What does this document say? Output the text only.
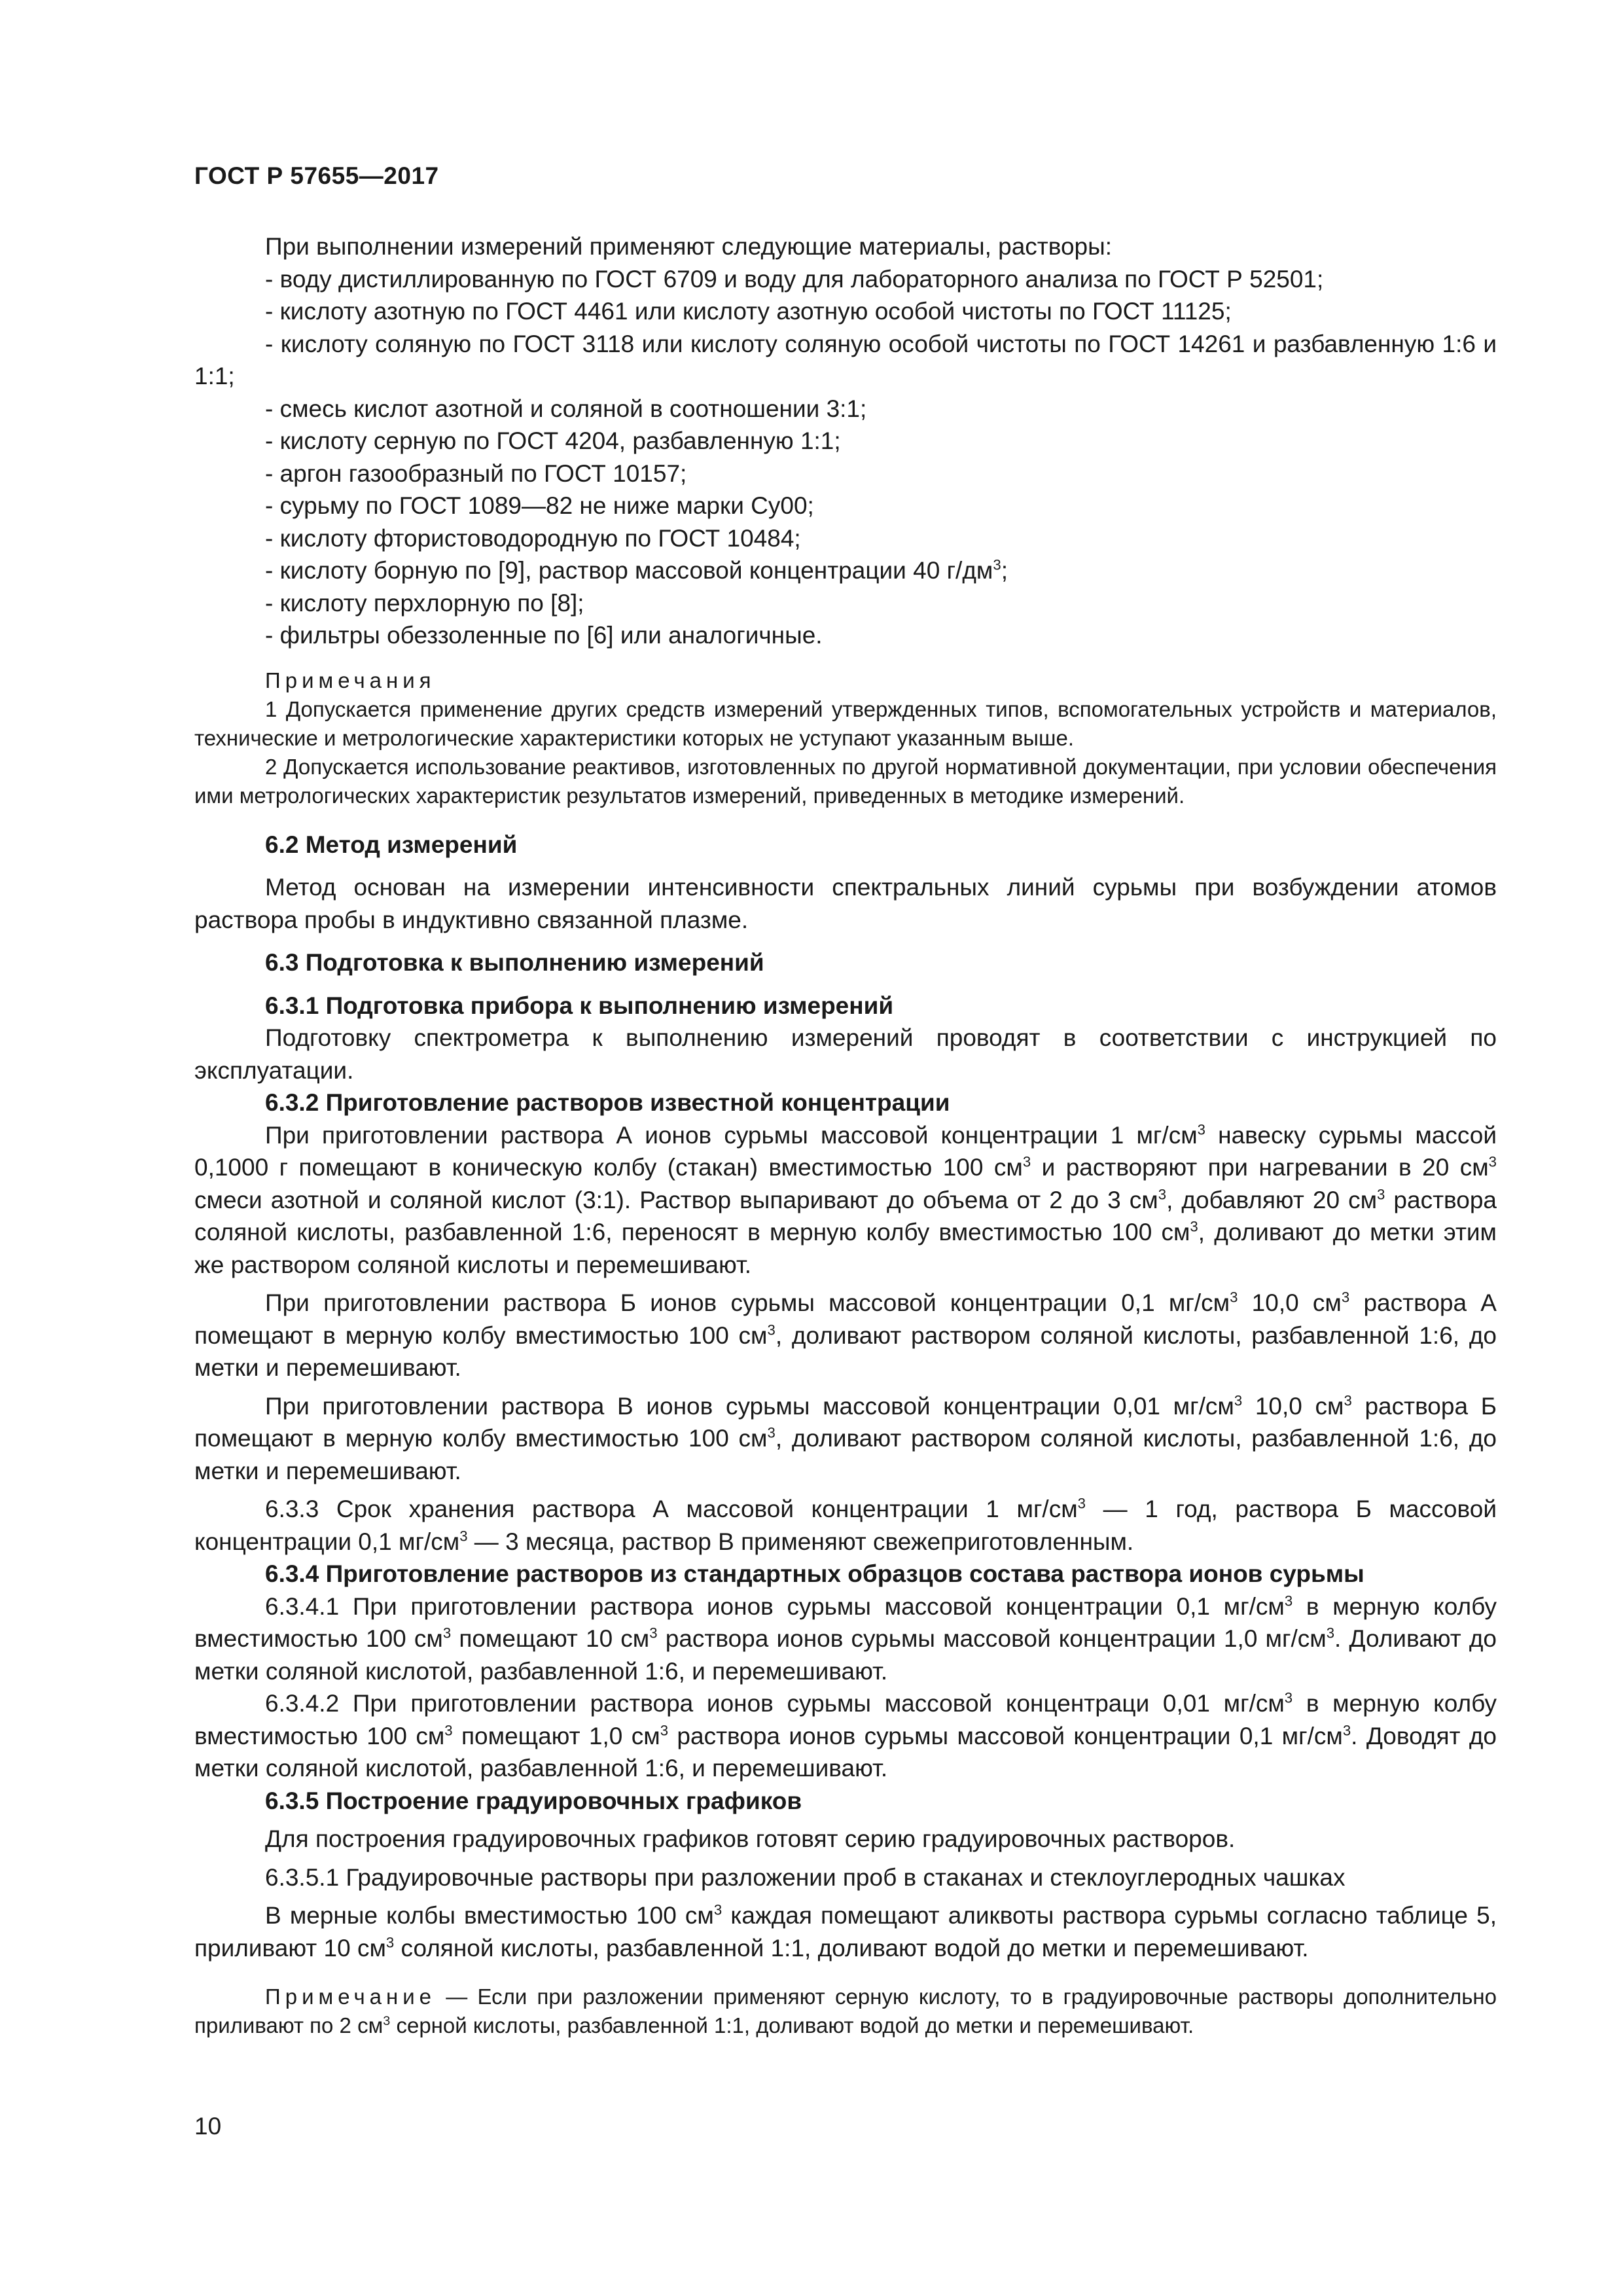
ГОСТ Р 57655—2017

При выполнении измерений применяют следующие материалы, растворы:

- воду дистиллированную по ГОСТ 6709 и воду для лабораторного анализа по ГОСТ Р 52501;

- кислоту азотную по ГОСТ 4461 или кислоту азотную особой чистоты по ГОСТ 11125;

- кислоту соляную по ГОСТ 3118 или кислоту соляную особой чистоты по ГОСТ 14261 и разбавленную 1:6 и 1:1;

- смесь кислот азотной и соляной в соотношении 3:1;

- кислоту серную по ГОСТ 4204, разбавленную 1:1;

- аргон газообразный по ГОСТ 10157;

- сурьму по ГОСТ 1089—82 не ниже марки Су00;

- кислоту фтористоводородную по ГОСТ 10484;

- кислоту борную по [9], раствор массовой концентрации 40 $г/дм^3$;

- кислоту перхлорную по [8];

- фильтры обеззоленные по [6] или аналогичные.

Примечания

1 Допускается применение других средств измерений утвержденных типов, вспомогательных устройств и материалов, технические и метрологические характеристики которых не уступают указанным выше.

2 Допускается использование реактивов, изготовленных по другой нормативной документации, при условии обеспечения ими метрологических характеристик результатов измерений, приведенных в методике измерений.

6.2 Метод измерений

Метод основан на измерении интенсивности спектральных линий сурьмы при возбуждении атомов раствора пробы в индуктивно связанной плазме.

6.3 Подготовка к выполнению измерений

6.3.1 Подготовка прибора к выполнению измерений

Подготовку спектрометра к выполнению измерений проводят в соответствии с инструкцией по эксплуатации.

6.3.2 Приготовление растворов известной концентрации

При приготовлении раствора А ионов сурьмы массовой концентрации 1 $мг/см^3$ навеску сурьмы массой 0,1000 г помещают в коническую колбу (стакан) вместимостью 100 $см^3$ и растворяют при нагревании в 20 $см^3$ смеси азотной и соляной кислот (3:1). Раствор выпаривают до объема от 2 до 3 $см^3$, добавляют 20 $см^3$ раствора соляной кислоты, разбавленной 1:6, переносят в мерную колбу вместимостью 100 $см^3$, доливают до метки этим же раствором соляной кислоты и перемешивают.

При приготовлении раствора Б ионов сурьмы массовой концентрации 0,1 $мг/см^3$ 10,0 $см^3$ раствора А помещают в мерную колбу вместимостью 100 $см^3$, доливают раствором соляной кислоты, разбавленной 1:6, до метки и перемешивают.

При приготовлении раствора В ионов сурьмы массовой концентрации 0,01 $мг/см^3$ 10,0 $см^3$ раствора Б помещают в мерную колбу вместимостью 100 $см^3$, доливают раствором соляной кислоты, разбавленной 1:6, до метки и перемешивают.

6.3.3 Срок хранения раствора А массовой концентрации 1 $мг/см^3$ — 1 год, раствора Б массовой концентрации 0,1 $мг/см^3$ — 3 месяца, раствор В применяют свежеприготовленным.

6.3.4 Приготовление растворов из стандартных образцов состава раствора ионов сурьмы

6.3.4.1 При приготовлении раствора ионов сурьмы массовой концентрации 0,1 $мг/см^3$ в мерную колбу вместимостью 100 $см^3$ помещают 10 $см^3$ раствора ионов сурьмы массовой концентрации 1,0 $мг/см^3$. Доливают до метки соляной кислотой, разбавленной 1:6, и перемешивают.

6.3.4.2 При приготовлении раствора ионов сурьмы массовой концентраци 0,01 $мг/см^3$ в мерную колбу вместимостью 100 $см^3$ помещают 1,0 $см^3$ раствора ионов сурьмы массовой концентрации 0,1 $мг/см^3$. Доводят до метки соляной кислотой, разбавленной 1:6, и перемешивают.

6.3.5 Построение градуировочных графиков

Для построения градуировочных графиков готовят серию градуировочных растворов.

6.3.5.1 Градуировочные растворы при разложении проб в стаканах и стеклоуглеродных чашках

В мерные колбы вместимостью 100 $см^3$ каждая помещают аликвоты раствора сурьмы согласно таблице 5, приливают 10 $см^3$ соляной кислоты, разбавленной 1:1, доливают водой до метки и перемешивают.

Примечание — Если при разложении применяют серную кислоту, то в градуировочные растворы дополнительно приливают по 2 $см^3$ серной кислоты, разбавленной 1:1, доливают водой до метки и перемешивают.

10
